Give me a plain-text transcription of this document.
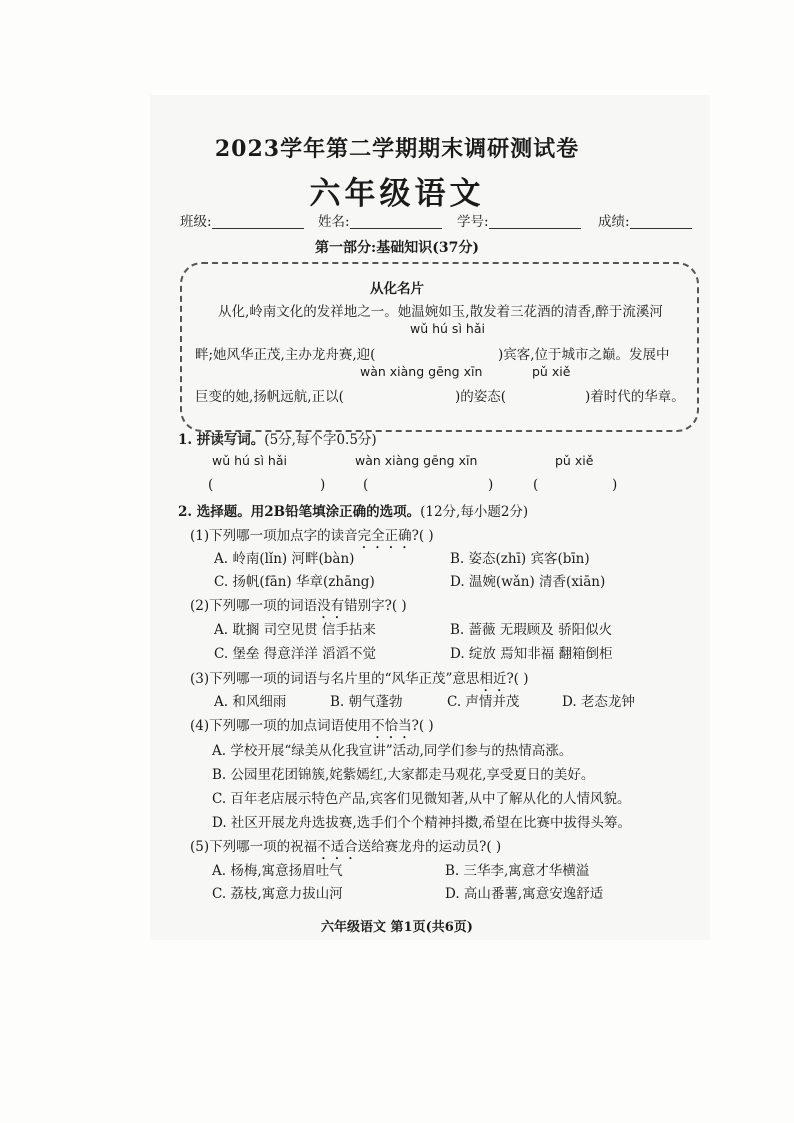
2023学年第二学期期末调研测试卷
六年级语文
班级:	姓名:	学号:	成绩:
第一部分:基础知识(37分)
从化名片
从化,岭南文化的发祥地之一。她温婉如玉,散发着三花酒的清香,醉于流溪河
wǔ hú sì hǎi
畔;她风华正茂,主办龙舟赛,迎(	)宾客,位于城市之巅。发展中
wàn xiàng gēng xīn	pǔ xiě
巨变的她,扬帆远航,正以(	)的姿态(	)着时代的华章。
1. 拼读写词。(5分,每个字0.5分)
wǔ hú sì hǎi	wàn xiàng gēng xīn	pǔ xiě
(	)	(	)	(	)
2. 选择题。用2B铅笔填涂正确的选项。(12分,每小题2分)
(1)下列哪一项加点字的读音完全正确?( )
A. 岭南(lǐn) 河畔(bàn)	B. 姿态(zhī) 宾客(bīn)
C. 扬帆(fān) 华章(zhāng)	D. 温婉(wǎn) 清香(xiān)
(2)下列哪一项的词语没有错别字?( )
A. 耽搁 司空见贯 信手拈来	B. 蔷薇 无瑕顾及 骄阳似火
C. 堡垒 得意洋洋 滔滔不觉	D. 绽放 焉知非福 翻箱倒柜
(3)下列哪一项的词语与名片里的“风华正茂”意思相近?( )
A. 和风细雨	B. 朝气蓬勃	C. 声情并茂	D. 老态龙钟
(4)下列哪一项的加点词语使用不恰当?( )
A. 学校开展“绿美从化我宣讲”活动,同学们参与的热情高涨。
B. 公园里花团锦簇,姹紫嫣红,大家都走马观花,享受夏日的美好。
C. 百年老店展示特色产品,宾客们见微知著,从中了解从化的人情风貌。
D. 社区开展龙舟选拔赛,选手们个个精神抖擞,希望在比赛中拔得头筹。
(5)下列哪一项的祝福不适合送给赛龙舟的运动员?( )
A. 杨梅,寓意扬眉吐气	B. 三华李,寓意才华横溢
C. 荔枝,寓意力拔山河	D. 高山番薯,寓意安逸舒适
六年级语文 第1页(共6页)
